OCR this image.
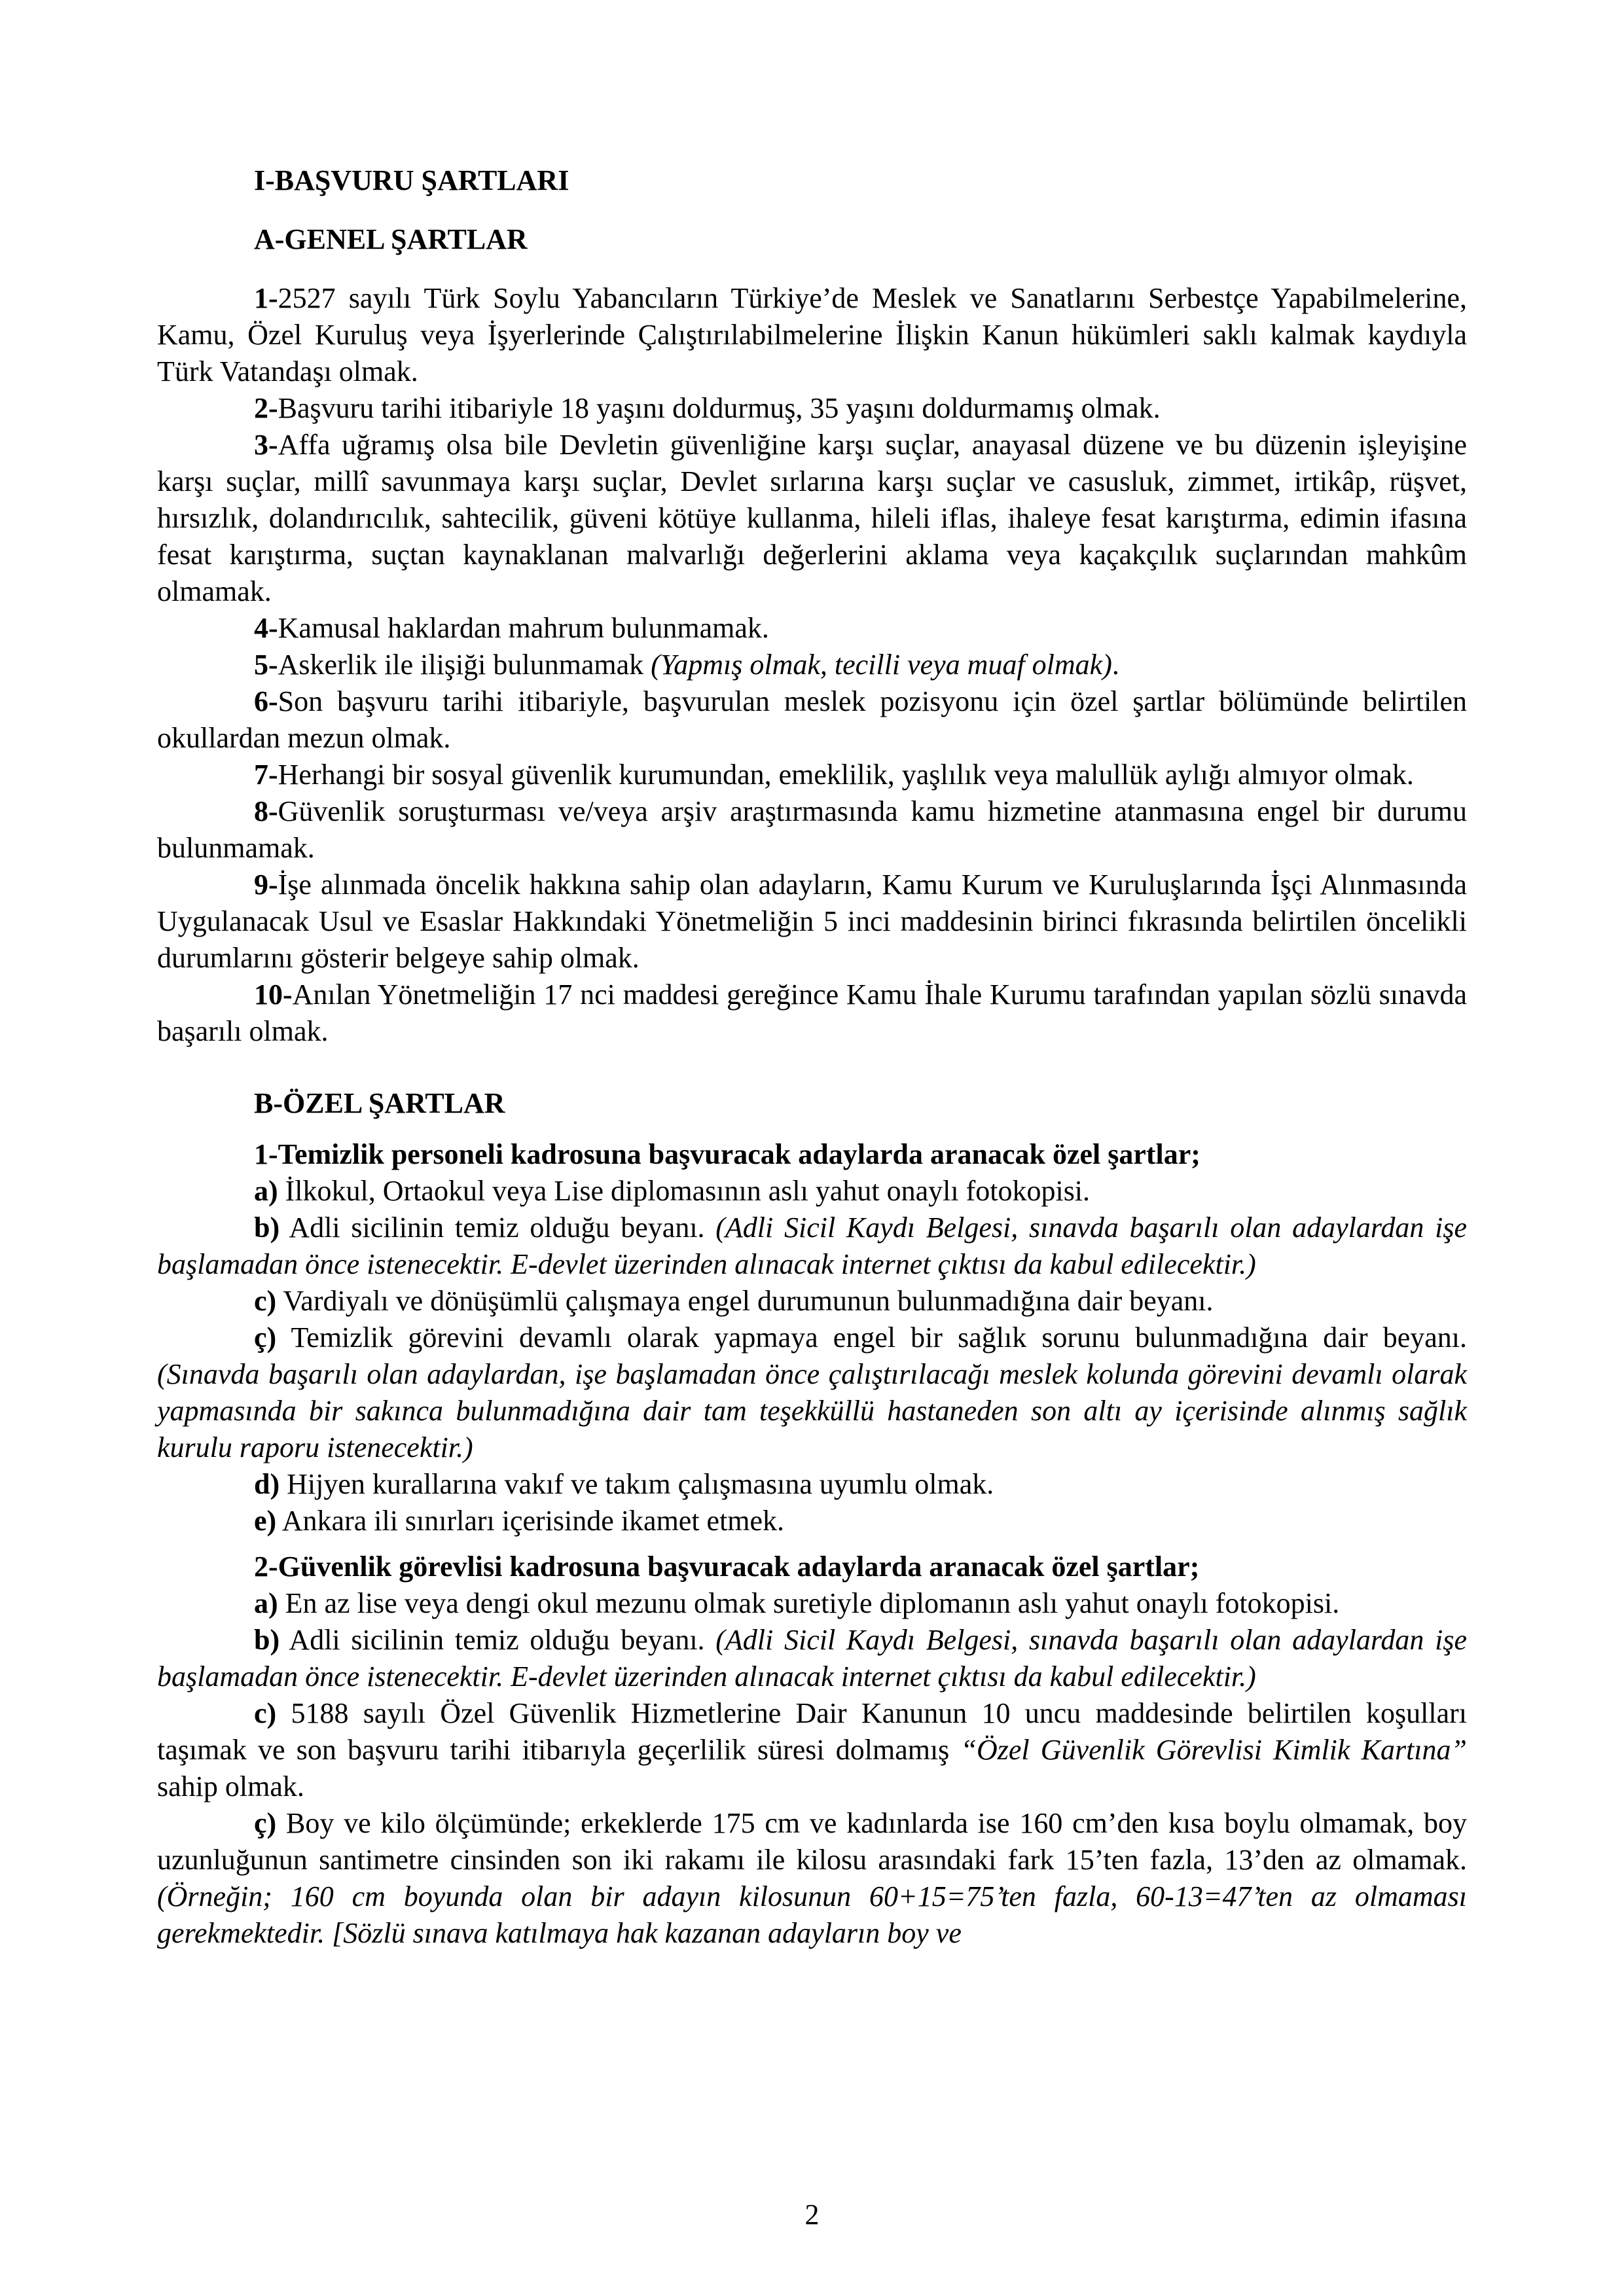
I-BAŞVURU ŞARTLARI

A-GENEL ŞARTLAR

1-2527 sayılı Türk Soylu Yabancıların Türkiye’de Meslek ve Sanatlarını Serbestçe Yapabilmelerine, Kamu, Özel Kuruluş veya İşyerlerinde Çalıştırılabilmelerine İlişkin Kanun hükümleri saklı kalmak kaydıyla Türk Vatandaşı olmak.

2-Başvuru tarihi itibariyle 18 yaşını doldurmuş, 35 yaşını doldurmamış olmak.

3-Affa uğramış olsa bile Devletin güvenliğine karşı suçlar, anayasal düzene ve bu düzenin işleyişine karşı suçlar, millî savunmaya karşı suçlar, Devlet sırlarına karşı suçlar ve casusluk, zimmet, irtikâp, rüşvet, hırsızlık, dolandırıcılık, sahtecilik, güveni kötüye kullanma, hileli iflas, ihaleye fesat karıştırma, edimin ifasına fesat karıştırma, suçtan kaynaklanan malvarlığı değerlerini aklama veya kaçakçılık suçlarından mahkûm olmamak.

4-Kamusal haklardan mahrum bulunmamak.

5-Askerlik ile ilişiği bulunmamak (Yapmış olmak, tecilli veya muaf olmak).

6-Son başvuru tarihi itibariyle, başvurulan meslek pozisyonu için özel şartlar bölümünde belirtilen okullardan mezun olmak.

7-Herhangi bir sosyal güvenlik kurumundan, emeklilik, yaşlılık veya malullük aylığı almıyor olmak.

8-Güvenlik soruşturması ve/veya arşiv araştırmasında kamu hizmetine atanmasına engel bir durumu bulunmamak.

9-İşe alınmada öncelik hakkına sahip olan adayların, Kamu Kurum ve Kuruluşlarında İşçi Alınmasında Uygulanacak Usul ve Esaslar Hakkındaki Yönetmeliğin 5 inci maddesinin birinci fıkrasında belirtilen öncelikli durumlarını gösterir belgeye sahip olmak.

10-Anılan Yönetmeliğin 17 nci maddesi gereğince Kamu İhale Kurumu tarafından yapılan sözlü sınavda başarılı olmak.

B-ÖZEL ŞARTLAR

1-Temizlik personeli kadrosuna başvuracak adaylarda aranacak özel şartlar;

a) İlkokul, Ortaokul veya Lise diplomasının aslı yahut onaylı fotokopisi.

b) Adli sicilinin temiz olduğu beyanı. (Adli Sicil Kaydı Belgesi, sınavda başarılı olan adaylardan işe başlamadan önce istenecektir. E-devlet üzerinden alınacak internet çıktısı da kabul edilecektir.)

c) Vardiyalı ve dönüşümlü çalışmaya engel durumunun bulunmadığına dair beyanı.

ç) Temizlik görevini devamlı olarak yapmaya engel bir sağlık sorunu bulunmadığına dair beyanı. (Sınavda başarılı olan adaylardan, işe başlamadan önce çalıştırılacağı meslek kolunda görevini devamlı olarak yapmasında bir sakınca bulunmadığına dair tam teşekküllü hastaneden son altı ay içerisinde alınmış sağlık kurulu raporu istenecektir.)

d) Hijyen kurallarına vakıf ve takım çalışmasına uyumlu olmak.

e) Ankara ili sınırları içerisinde ikamet etmek.

2-Güvenlik görevlisi kadrosuna başvuracak adaylarda aranacak özel şartlar;

a) En az lise veya dengi okul mezunu olmak suretiyle diplomanın aslı yahut onaylı fotokopisi.

b) Adli sicilinin temiz olduğu beyanı. (Adli Sicil Kaydı Belgesi, sınavda başarılı olan adaylardan işe başlamadan önce istenecektir. E-devlet üzerinden alınacak internet çıktısı da kabul edilecektir.)

c) 5188 sayılı Özel Güvenlik Hizmetlerine Dair Kanunun 10 uncu maddesinde belirtilen koşulları taşımak ve son başvuru tarihi itibarıyla geçerlilik süresi dolmamış “Özel Güvenlik Görevlisi Kimlik Kartına” sahip olmak.

ç) Boy ve kilo ölçümünde; erkeklerde 175 cm ve kadınlarda ise 160 cm’den kısa boylu olmamak, boy uzunluğunun santimetre cinsinden son iki rakamı ile kilosu arasındaki fark 15’ten fazla, 13’den az olmamak. (Örneğin; 160 cm boyunda olan bir adayın kilosunun 60+15=75’ten fazla, 60-13=47’ten az olmaması gerekmektedir. [Sözlü sınava katılmaya hak kazanan adayların boy ve

2
